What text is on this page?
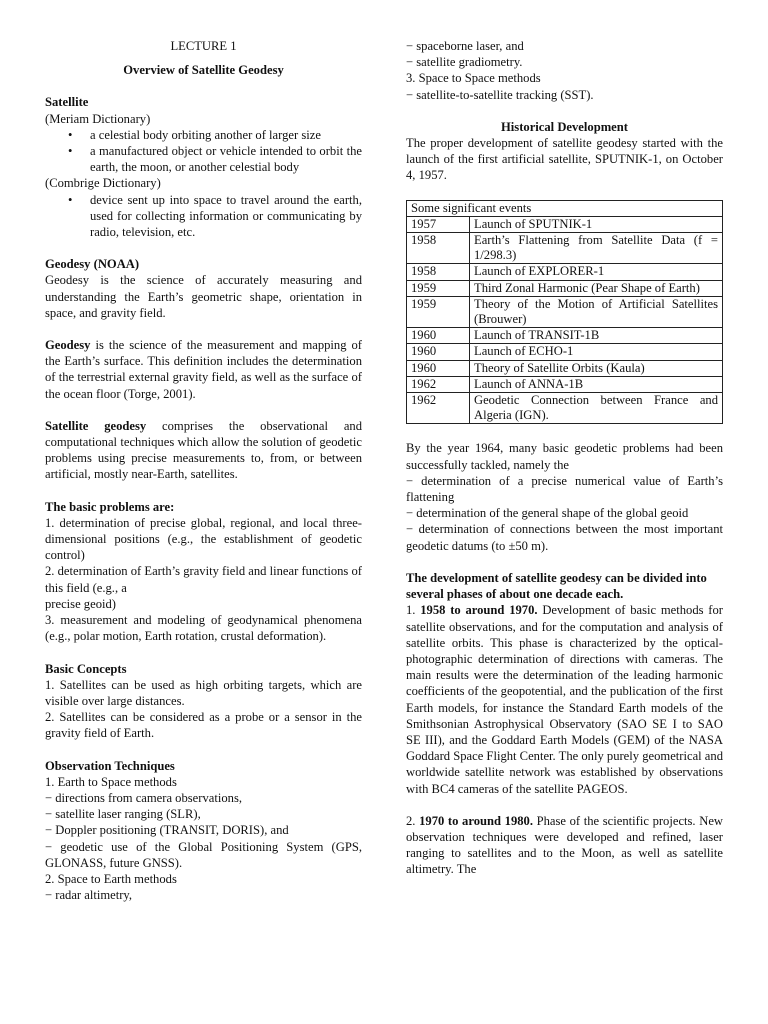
LECTURE 1

Overview of Satellite Geodesy

Satellite

(Meriam Dictionary)

• a celestial body orbiting another of larger size
• a manufactured object or vehicle intended to orbit the earth, the moon, or another celestial body

(Combrige Dictionary)

• device sent up into space to travel around the earth, used for collecting information or communicating by radio, television, etc.

Geodesy (NOAA)

Geodesy is the science of accurately measuring and understanding the Earth’s geometric shape, orientation in space, and gravity field.

Geodesy is the science of the measurement and mapping of the Earth’s surface. This definition includes the determination of the terrestrial external gravity field, as well as the surface of the ocean floor (Torge, 2001).

Satellite geodesy comprises the observational and computational techniques which allow the solution of geodetic problems using precise measurements to, from, or between artificial, mostly near-Earth, satellites.

The basic problems are:

1. determination of precise global, regional, and local three-dimensional positions (e.g., the establishment of geodetic control)

2. determination of Earth’s gravity field and linear functions of this field (e.g., a

precise geoid)

3. measurement and modeling of geodynamical phenomena (e.g., polar motion, Earth rotation, crustal deformation).

Basic Concepts

1. Satellites can be used as high orbiting targets, which are visible over large distances.

2. Satellites can be considered as a probe or a sensor in the gravity field of Earth.

Observation Techniques

1. Earth to Space methods

− directions from camera observations,

− satellite laser ranging (SLR),

− Doppler positioning (TRANSIT, DORIS), and

− geodetic use of the Global Positioning System (GPS, GLONASS, future GNSS).

2. Space to Earth methods

− radar altimetry,

− spaceborne laser, and

− satellite gradiometry.

3. Space to Space methods

− satellite-to-satellite tracking (SST).

Historical Development

The proper development of satellite geodesy started with the launch of the first artificial satellite, SPUTNIK-1, on October 4, 1957.

Some significant events	
1957	Launch of SPUTNIK-1
1958	Earth’s Flattening from Satellite Data (f = 1/298.3)
1958	Launch of EXPLORER-1
1959	Third Zonal Harmonic (Pear Shape of Earth)
1959	Theory of the Motion of Artificial Satellites (Brouwer)
1960	Launch of TRANSIT-1B
1960	Launch of ECHO-1
1960	Theory of Satellite Orbits (Kaula)
1962	Launch of ANNA-1B
1962	Geodetic Connection between France and Algeria (IGN).

By the year 1964, many basic geodetic problems had been successfully tackled, namely the

− determination of a precise numerical value of Earth’s flattening

− determination of the general shape of the global geoid

− determination of connections between the most important geodetic datums (to ±50 m).

The development of satellite geodesy can be divided into several phases of about one decade each.

1. 1958 to around 1970. Development of basic methods for satellite observations, and for the computation and analysis of satellite orbits. This phase is characterized by the optical-photographic determination of directions with cameras. The main results were the determination of the leading harmonic coefficients of the geopotential, and the publication of the first Earth models, for instance the Standard Earth models of the Smithsonian Astrophysical Observatory (SAO SE I to SAO SE III), and the Goddard Earth Models (GEM) of the NASA Goddard Space Flight Center. The only purely geometrical and worldwide satellite network was established by observations with BC4 cameras of the satellite PAGEOS.

2. 1970 to around 1980. Phase of the scientific projects. New observation techniques were developed and refined, laser ranging to satellites and to the Moon, as well as satellite altimetry. The
